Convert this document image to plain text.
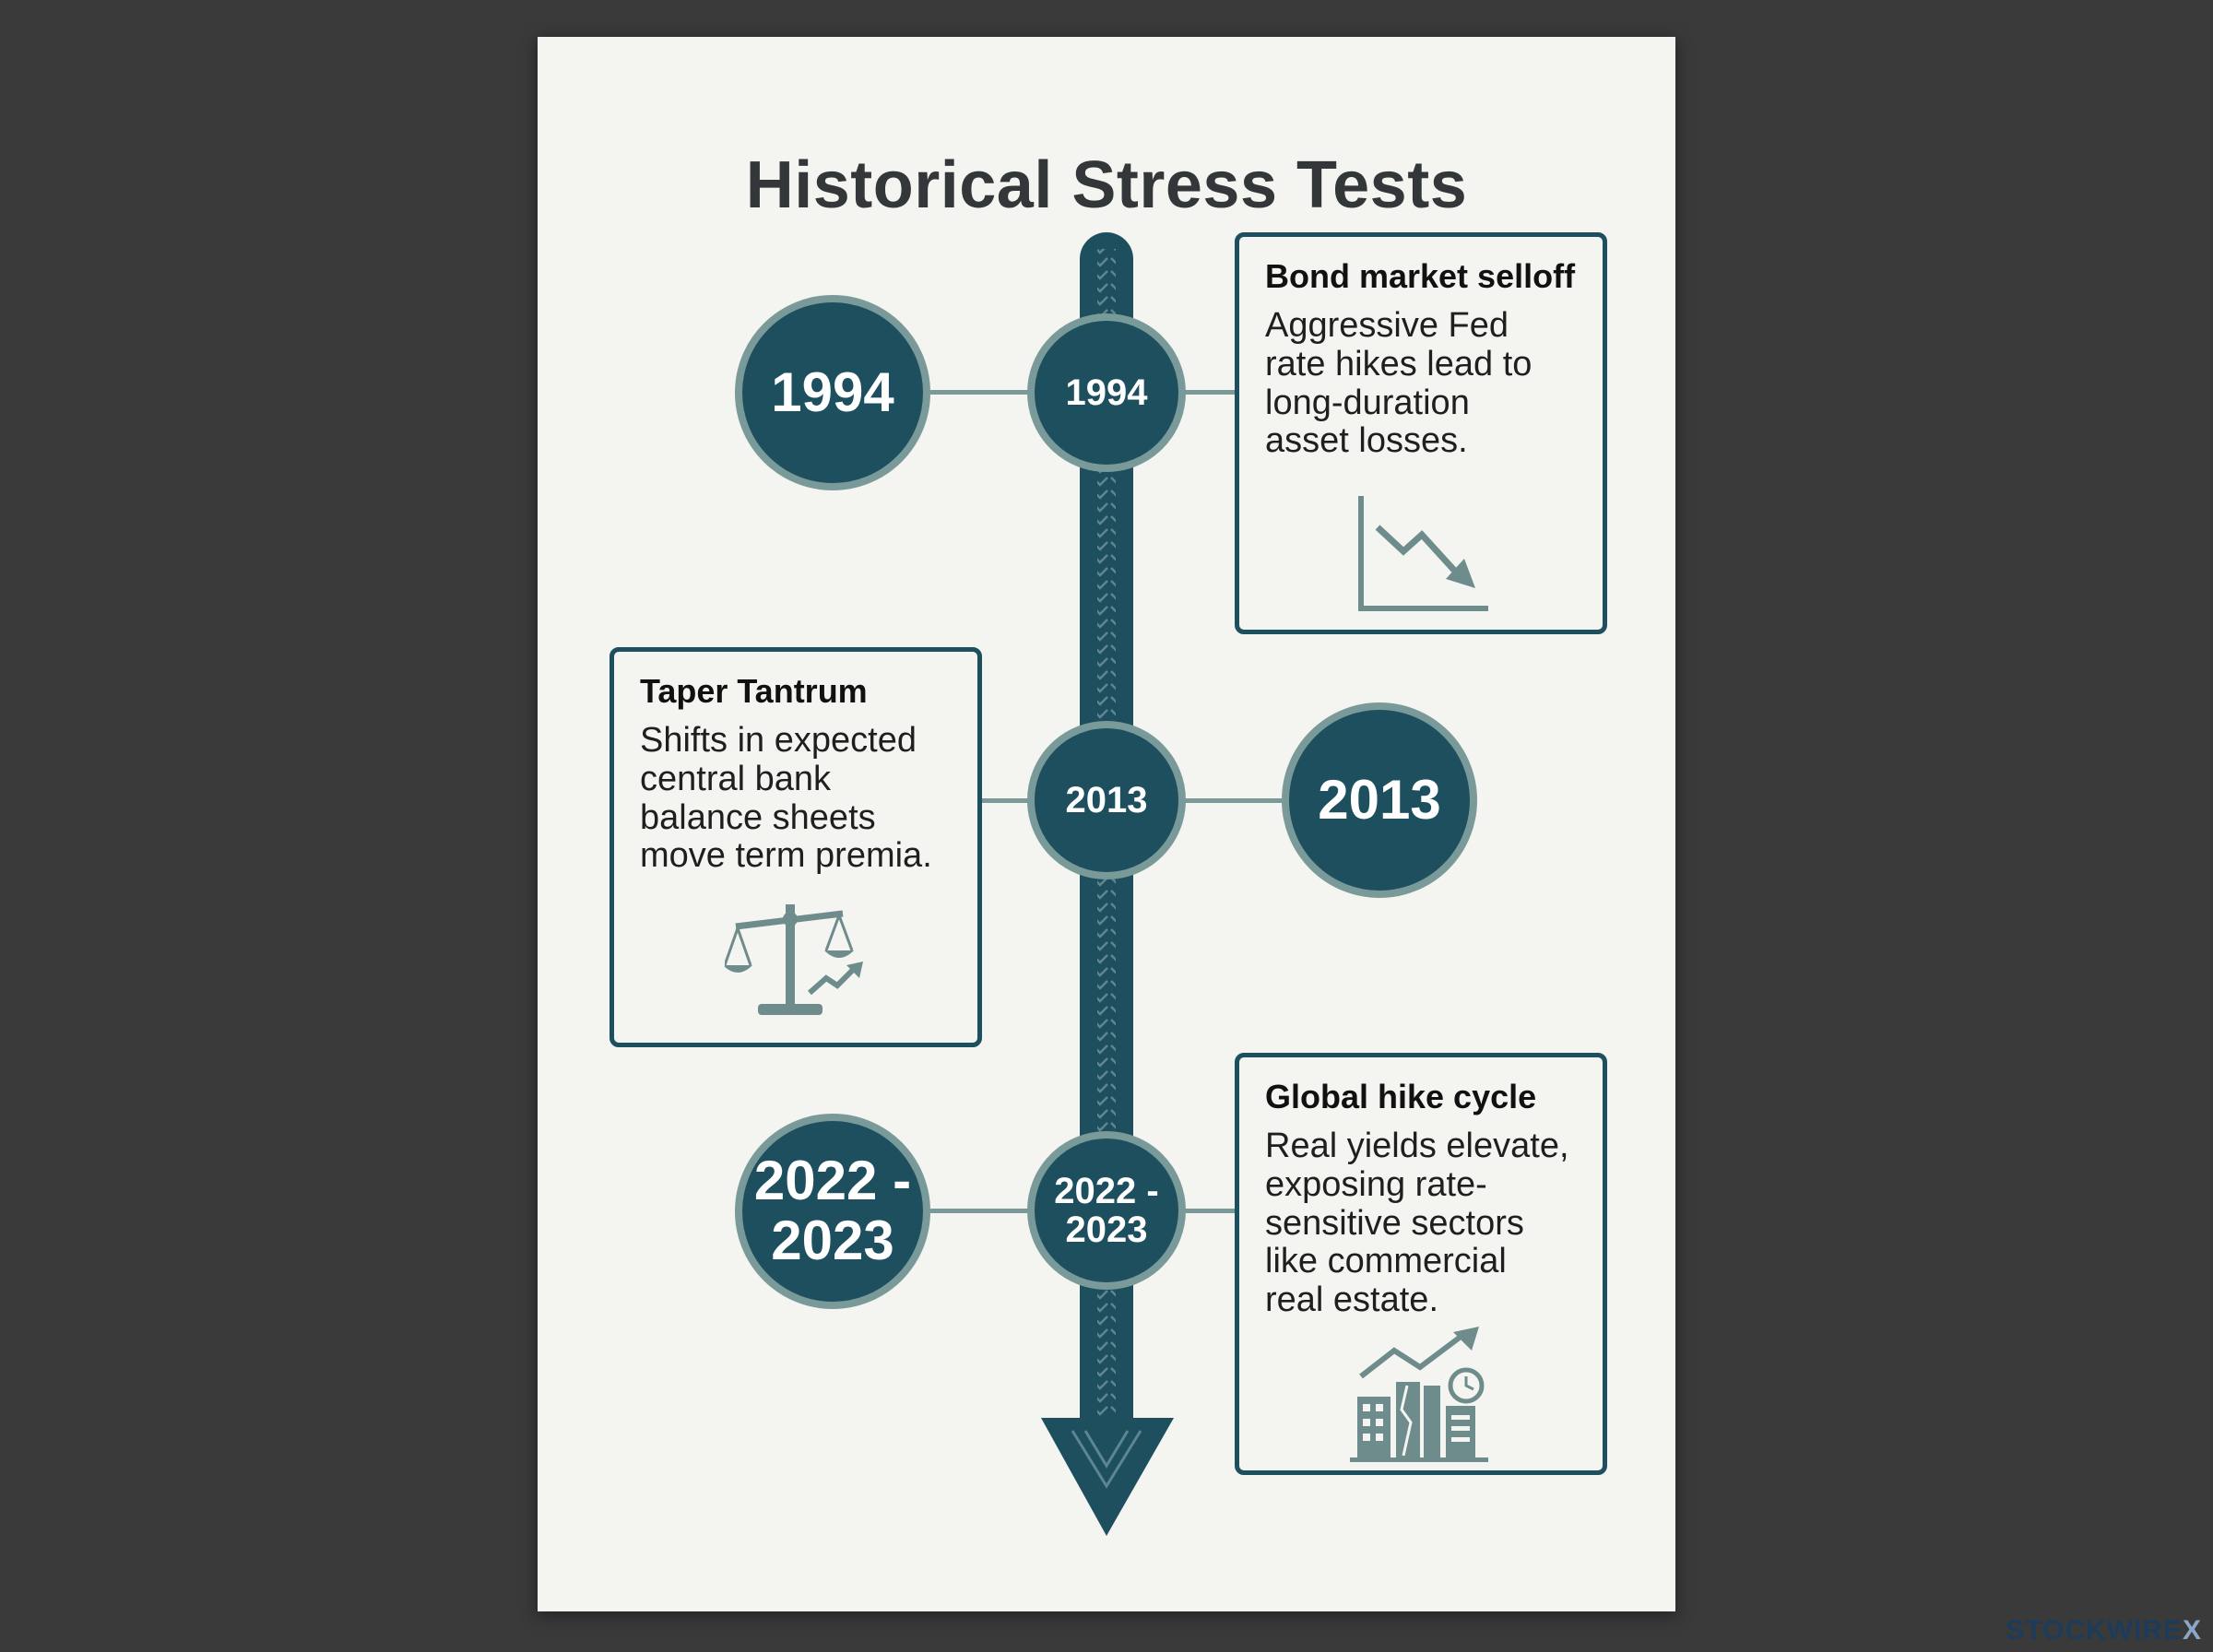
Historical Stress Tests
1994	1994
Bond market selloff

Aggressive Fed
rate hikes lead to
long-duration
asset losses.

2013	2013
Taper Tantrum

Shifts in expected
central bank
balance sheets
move term premia.

2022 -
2023
2022 -
2023
Global hike cycle

Real yields elevate,
exposing rate-
sensitive sectors
like commercial
real estate.

STOCKWIREX
